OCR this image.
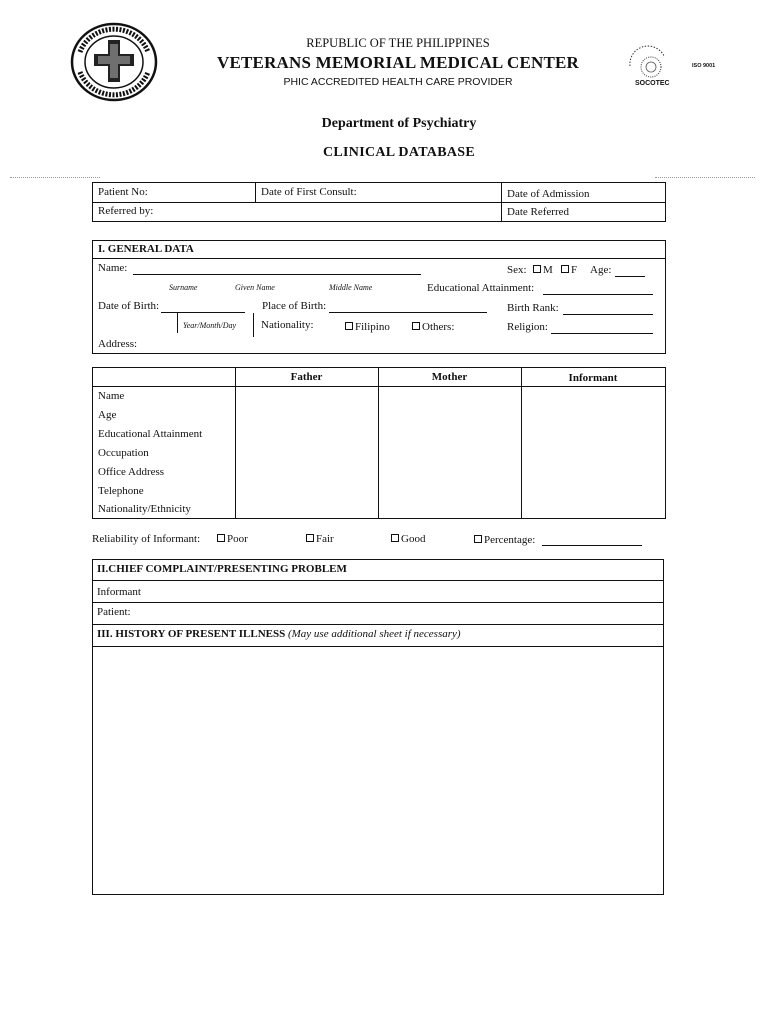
REPUBLIC OF THE PHILIPPINES
VETERANS MEMORIAL MEDICAL CENTER
PHIC ACCREDITED HEALTH CARE PROVIDER
ISO 9001
SOCOTEC
Department of Psychiatry
CLINICAL DATABASE
Patient No:	Date of First Consult:	Date of Admission
Referred by:	Date Referred
I. GENERAL DATA
Name:	Sex:	M	F Age:
Surname	Given Name	Middle Name	Educational Attainment:
Date of Birth:	Place of Birth:	Birth Rank:
Year/Month/Day Nationality:	Filipino	Others:	Religion:
Address:
Father	Mother	Informant
Name
Age
Educational Attainment
Occupation
Office Address
Telephone
Nationality/Ethnicity
Reliability of Informant:	Poor	Fair	Good	Percentage:
II.CHIEF COMPLAINT/PRESENTING PROBLEM
Informant
Patient:
III. HISTORY OF PRESENT ILLNESS (May use additional sheet if necessary)
